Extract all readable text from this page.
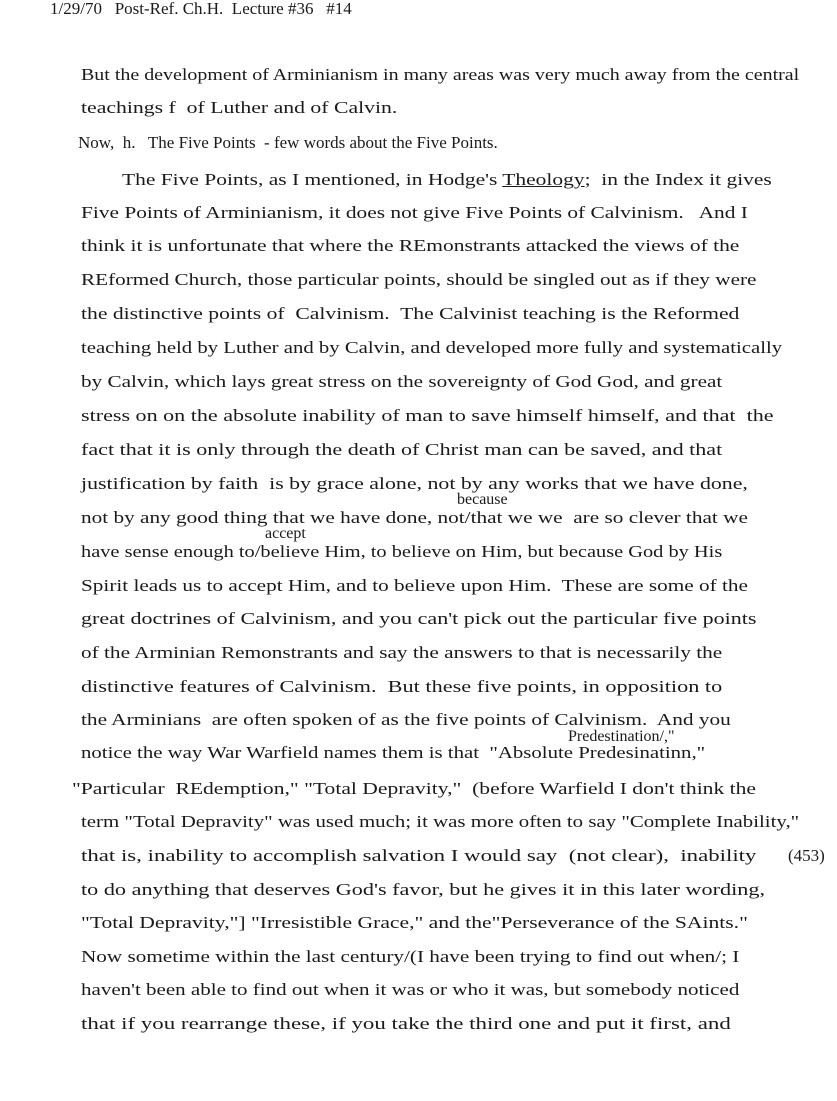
1/29/70   Post-Ref. Ch.H.  Lecture #36   #14
But the development of Arminianism in many areas was very much away from the central
teachings f  of Luther and of Calvin.
Now,  h.   The Five Points  - few words about the Five Points.
The Five Points, as I mentioned, in Hodge's Theology;  in the Index it gives
Five Points of Arminianism, it does not give Five Points of Calvinism.   And I
think it is unfortunate that where the REmonstrants attacked the views of the
REformed Church, those particular points, should be singled out as if they were
the distinctive points of  Calvinism.  The Calvinist teaching is the Reformed
teaching held by Luther and by Calvin, and developed more fully and systematically
by Calvin, which lays great stress on the sovereignty of God God, and great
stress on on the absolute inability of man to save himself himself, and that  the
fact that it is only through the death of Christ man can be saved, and that
justification by faith  is by grace alone, not by any works that we have done,
because
not by any good thing that we have done, not/that we we  are so clever that we
accept
have sense enough to/believe Him, to believe on Him, but because God by His
Spirit leads us to accept Him, and to believe upon Him.  These are some of the
great doctrines of Calvinism, and you can't pick out the particular five points
of the Arminian Remonstrants and say the answers to that is necessarily the
distinctive features of Calvinism.  But these five points, in opposition to
the Arminians  are often spoken of as the five points of Calvinism.  And you
Predestination/,"
notice the way War Warfield names them is that  "Absolute Predesinatinn,"
"Particular  REdemption," "Total Depravity,"  (before Warfield I don't think the
term "Total Depravity" was used much; it was more often to say "Complete Inability,"
that is, inability to accomplish salvation I would say  (not clear),  inability (453)
to do anything that deserves God's favor, but he gives it in this later wording,
"Total Depravity,"] "Irresistible Grace," and the"Perseverance of the SAints."
Now sometime within the last century/(I have been trying to find out when/; I
haven't been able to find out when it was or who it was, but somebody noticed
that if you rearrange these, if you take the third one and put it first, and
